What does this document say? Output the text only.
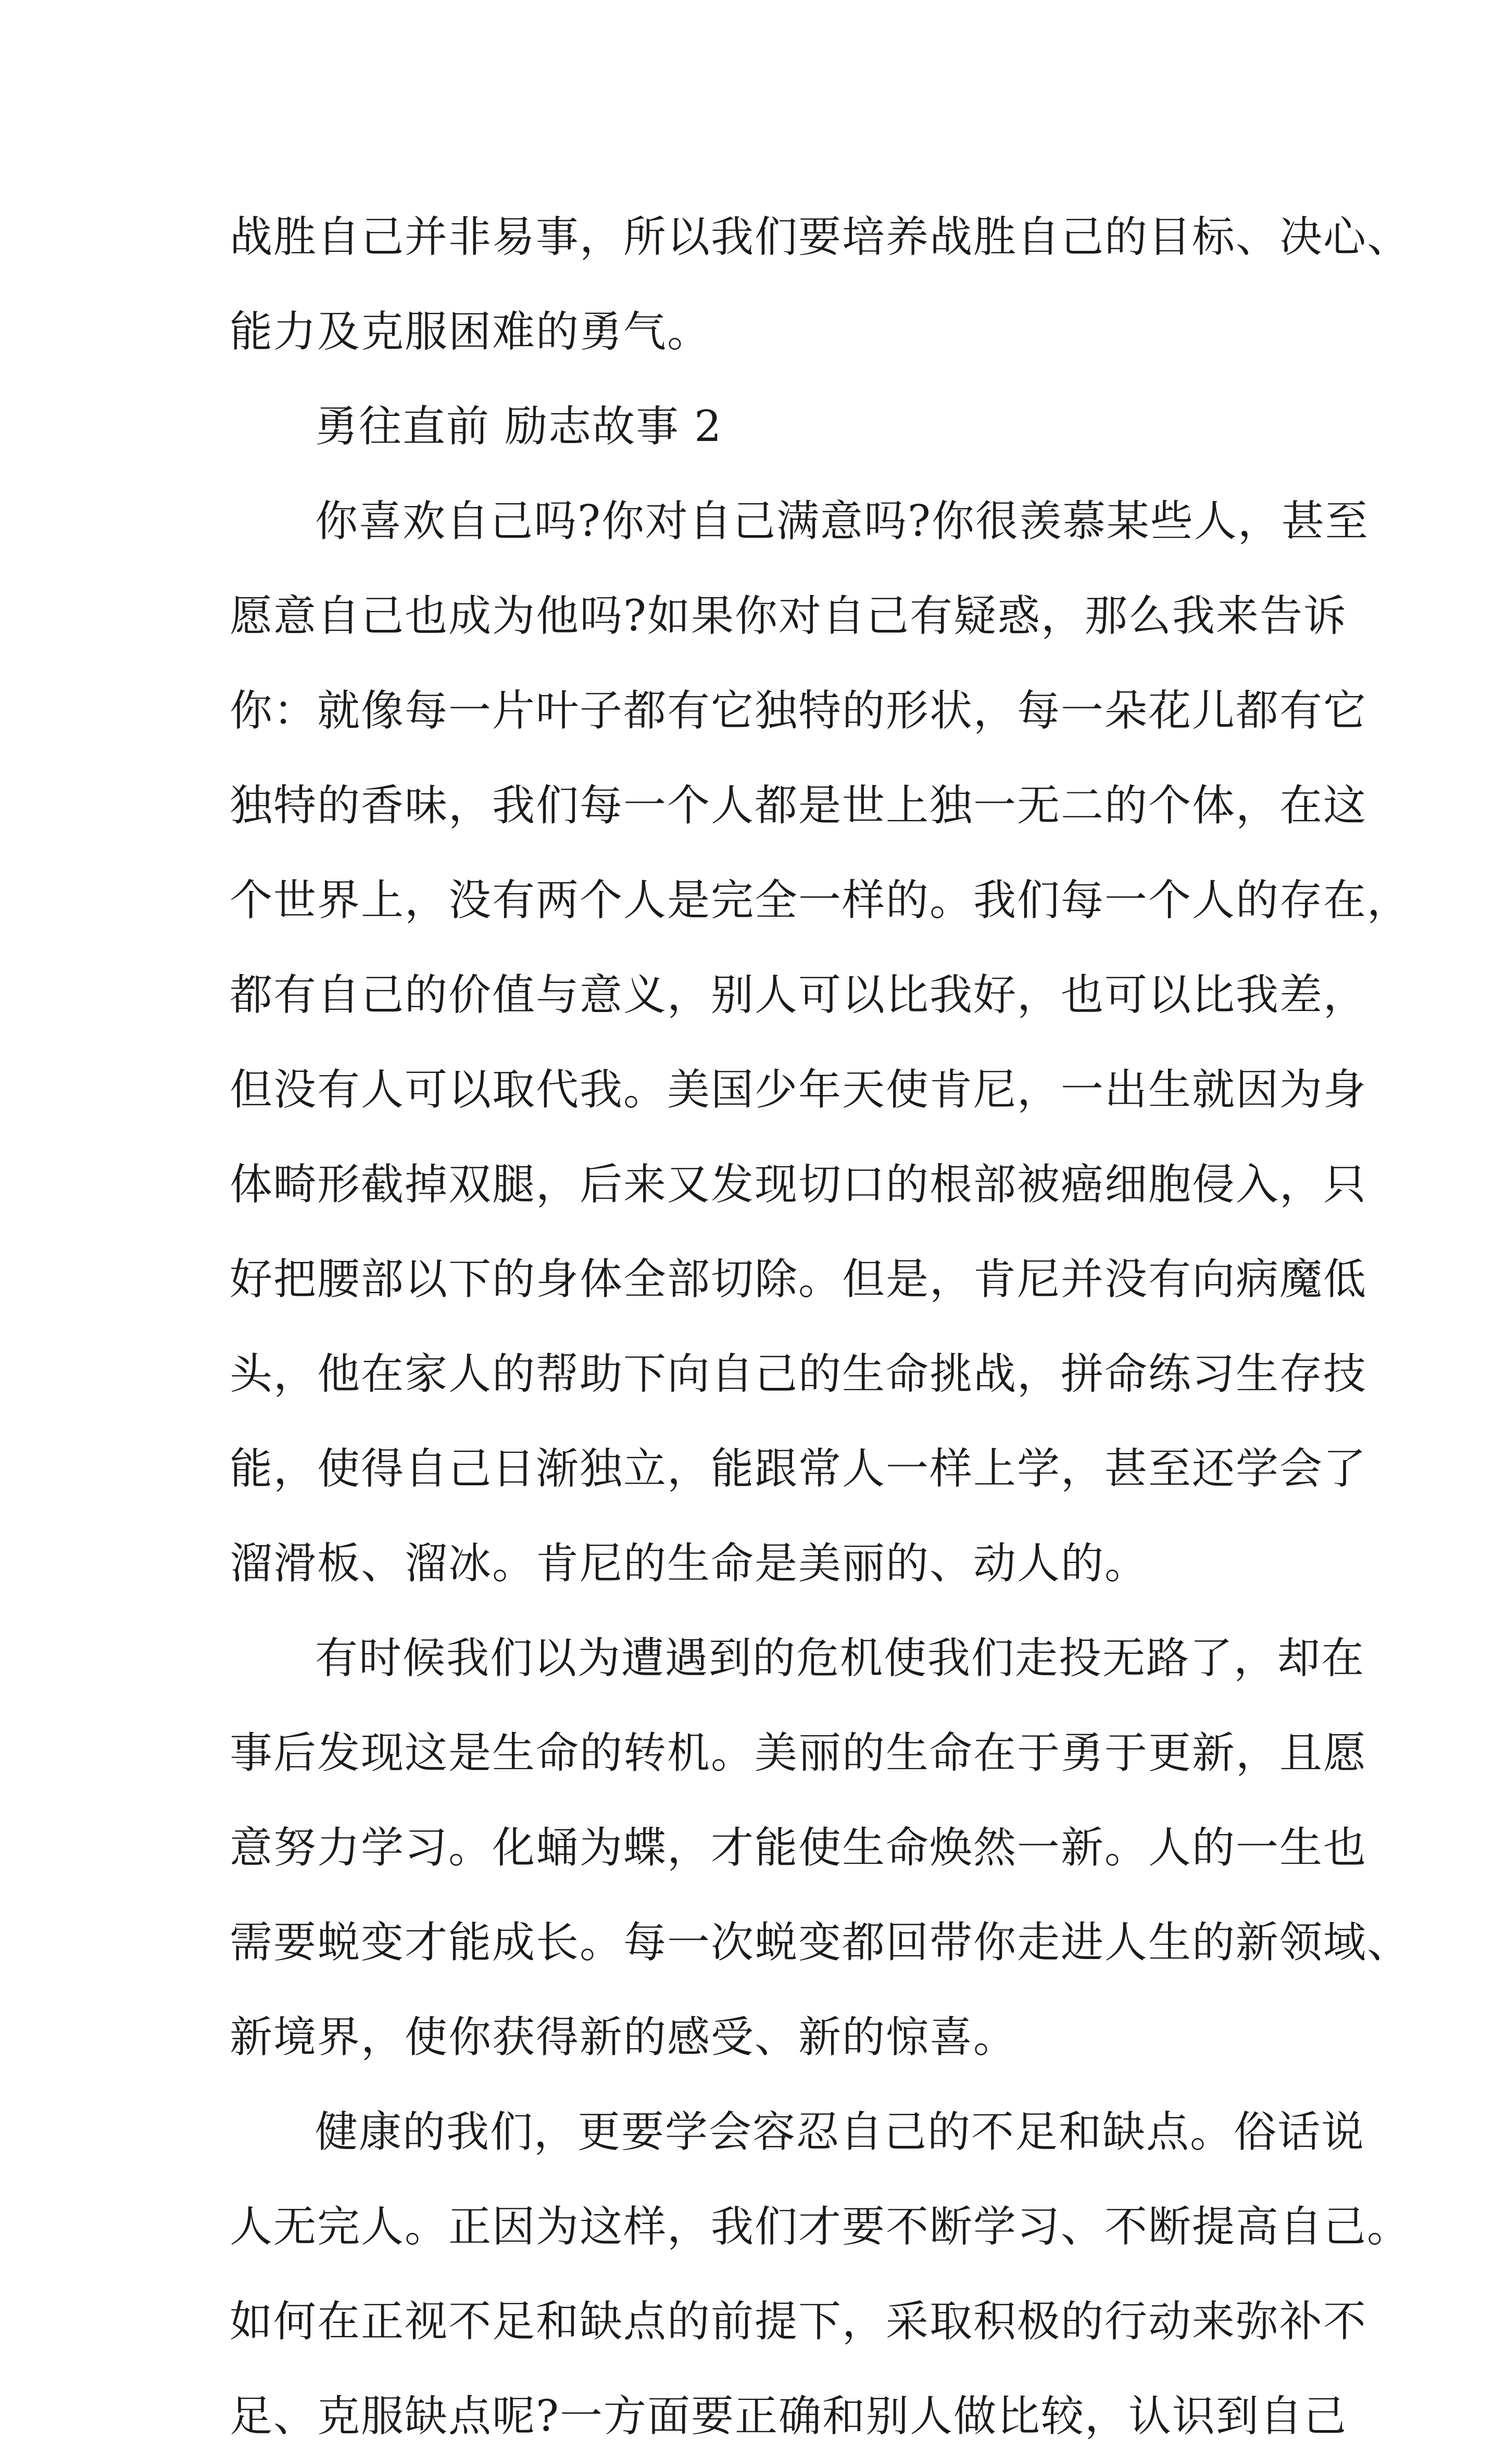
战胜自己并非易事，所以我们要培养战胜自己的目标、决心、
能力及克服困难的勇气。
勇往直前 励志故事 2
你喜欢自己吗?你对自己满意吗?你很羡慕某些人，甚至
愿意自己也成为他吗?如果你对自己有疑惑，那么我来告诉
你：就像每一片叶子都有它独特的形状，每一朵花儿都有它
独特的香味，我们每一个人都是世上独一无二的个体，在这
个世界上，没有两个人是完全一样的。我们每一个人的存在，
都有自己的价值与意义，别人可以比我好，也可以比我差，
但没有人可以取代我。美国少年天使肯尼，一出生就因为身
体畸形截掉双腿，后来又发现切口的根部被癌细胞侵入，只
好把腰部以下的身体全部切除。但是，肯尼并没有向病魔低
头，他在家人的帮助下向自己的生命挑战，拼命练习生存技
能，使得自己日渐独立，能跟常人一样上学，甚至还学会了
溜滑板、溜冰。肯尼的生命是美丽的、动人的。
有时候我们以为遭遇到的危机使我们走投无路了，却在
事后发现这是生命的转机。美丽的生命在于勇于更新，且愿
意努力学习。化蛹为蝶，才能使生命焕然一新。人的一生也
需要蜕变才能成长。每一次蜕变都回带你走进人生的新领域、
新境界，使你获得新的感受、新的惊喜。
健康的我们，更要学会容忍自己的不足和缺点。俗话说
人无完人。正因为这样，我们才要不断学习、不断提高自己。
如何在正视不足和缺点的前提下，采取积极的行动来弥补不
足、克服缺点呢?一方面要正确和别人做比较，认识到自己
